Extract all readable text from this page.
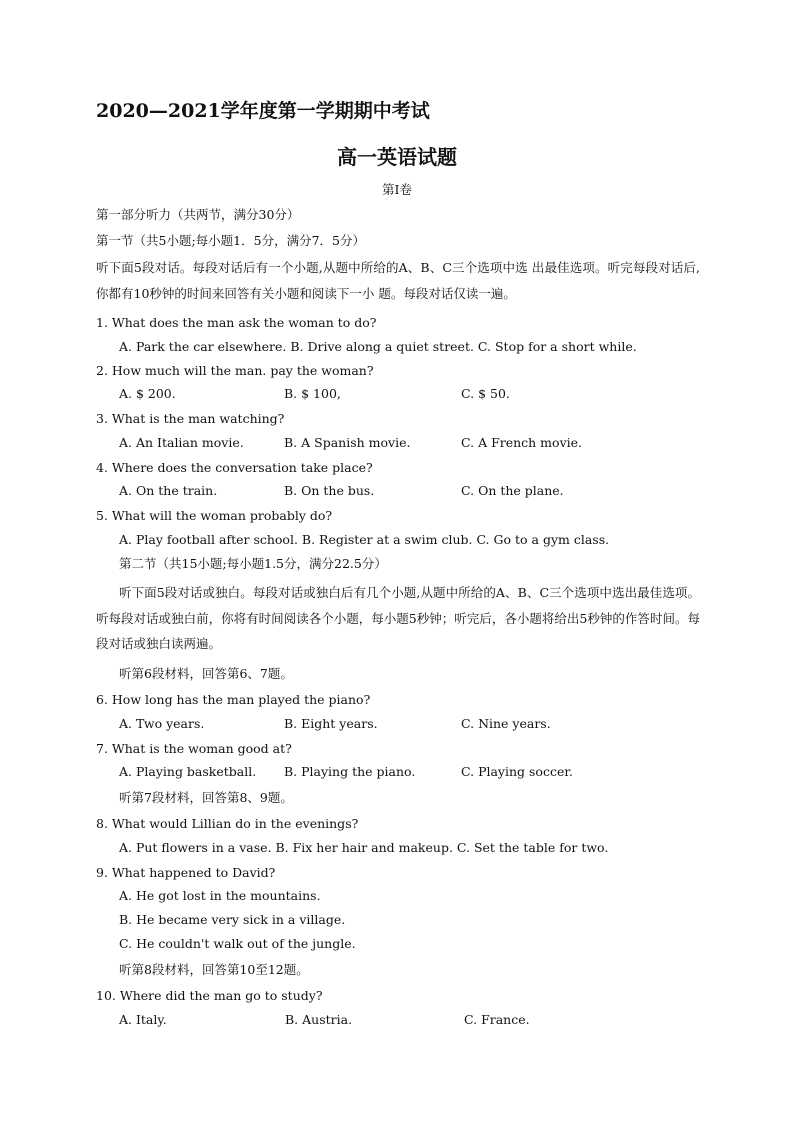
2020—2021学年度第一学期期中考试
高一英语试题
第Ⅰ卷
第一部分听力（共两节，满分30分）
第一节（共5小题;每小题1．5分，满分7．5分）
听下面5段对话。每段对话后有一个小题,从题中所给的A、B、C三个选项中选 出最佳选项。听完每段对话后,你都有10秒钟的时间来回答有关小题和阅读下一小 题。每段对话仅读一遍。
1. What does the man ask the woman to do?
A. Park the car elsewhere. B. Drive along a quiet street. C. Stop for a short while.
2. How much will the man. pay the woman?
A. $ 200.	B. $ 100,	C. $ 50.
3. What is the man watching?
A. An Italian movie.	B. A Spanish movie.	C. A French movie.
4. Where does the conversation take place?
A. On the train.	B. On the bus.	C. On the plane.
5. What will the woman probably do?
A. Play football after school. B. Register at a swim club. C. Go to a gym class.
第二节（共15小题;每小题1.5分，满分22.5分）
听下面5段对话或独白。每段对话或独白后有几个小题,从题中所给的A、B、C三个选项中选出最佳选项。听每段对话或独白前，你将有时间阅读各个小题，每小题5秒钟；听完后，各小题将给出5秒钟的作答时间。每段对话或独白读两遍。
听第6段材料，回答第6、7题。
6. How long has the man played the piano?
A. Two years.	B. Eight years.	C. Nine years.
7. What is the woman good at?
A. Playing basketball. B. Playing the piano.	C. Playing soccer.
听第7段材料，回答第8、9题。
8. What would Lillian do in the evenings?
A. Put flowers in a vase. B. Fix her hair and makeup. C. Set the table for two.
9. What happened to David?
A. He got lost in the mountains.
B. He became very sick in a village.
C. He couldn't walk out of the jungle.
听第8段材料，回答第10至12题。
10. Where did the man go to study?
A. Italy.	B. Austria.	C. France.
